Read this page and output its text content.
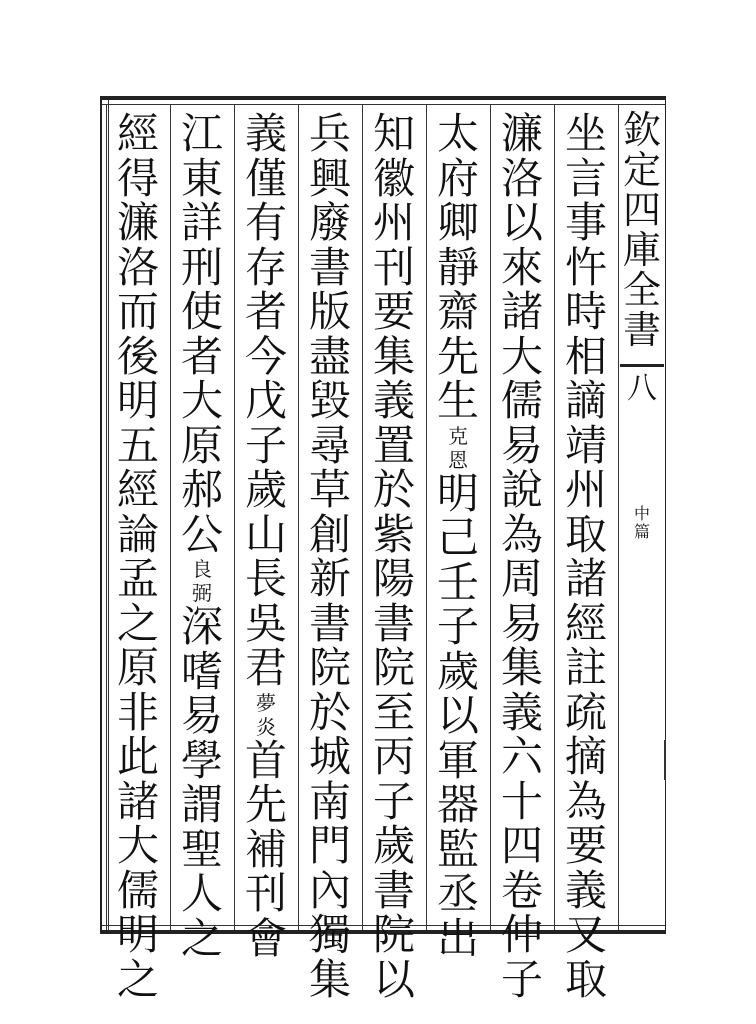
坐
言
事
忤
時
相
謫
靖
州
取
諸
經
註
疏
摘
為
要
義
又
取
濂
洛
以
來
諸
大
儒
易
說
為
周
易
集
義
六
十
四
卷
仲
子
太
府
卿
靜
齋
先
生
克
恩
明
己
壬
子
歲
以
軍
器
監
丞
出
知
徽
州
刊
要
集
義
置
於
紫
陽
書
院
至
丙
子
歲
書
院
以
兵
興
廢
書
版
盡
毀
尋
草
創
新
書
院
於
城
南
門
內
獨
集
義
僅
有
存
者
今
戊
子
歲
山
長
吳
君
夢
炎
首
先
補
刊
會
江
東
詳
刑
使
者
大
原
郝
公
良
弼
深
嗜
易
學
謂
聖
人
之
經
得
濂
洛
而
後
明
五
經
論
孟
之
原
非
此
諸
大
儒
明
之
欽
定
四
庫
全
書
八
中
篇
